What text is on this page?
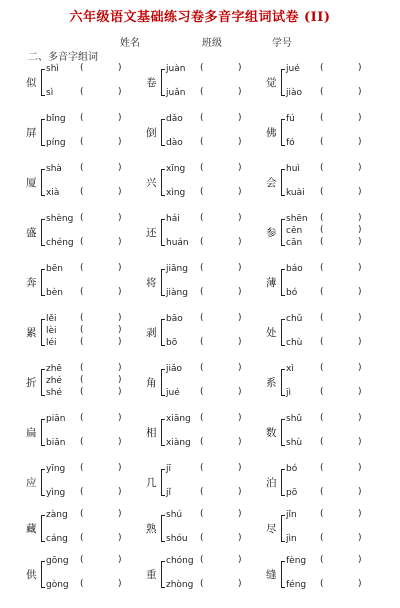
六年级语文基础练习卷多音字组词试卷 (II)
姓名	班级	学号
二、多音字组词
似
shì (	)
sì	(	)
卷
juàn (	)
juǎn (	)
觉
jué (	)
jiào (	)
屏
bǐng (	)
píng (	)
倒
dǎo (	)
dào (	)
佛
fú	(	)
fó	(	)
厦
shà (	)
xià (	)
兴
xīng (	)
xìng (	)
会
huì (	)
kuài (	)
盛
shèng (	)
chéng (	)
还
hái (	)
huán (	)
参
shēn (	)
cēn (	)
cān (	)
奔
bēn (	)
bèn (	)
将
jiāng (	)
jiàng (	)
薄
báo (	)
bó	(	)
累
lěi	(	)
lèi	(	)
léi	(	)
剥
bāo (	)
bō	(	)
处
chǔ (	)
chù (	)
折
zhē (	)
zhé (	)
shé (	)
角
jiǎo (	)
jué (	)
系
xì	(	)
jì	(	)
扁
piān (	)
biǎn (	)
相
xiāng (	)
xiàng (	)
数
shǔ (	)
shù (	)
应
yīng (	)
yìng (	)
几
jī	(	)
jǐ	(	)
泊
bó	(	)
pō	(	)
藏
zàng (	)
cáng (	)
熟
shú (	)
shóu (	)
尽
jǐn	(	)
jìn	(	)
供
gōng (	)
gòng (	)
重
chóng (	)
zhòng (	)
缝
fèng (	)
féng (	)
